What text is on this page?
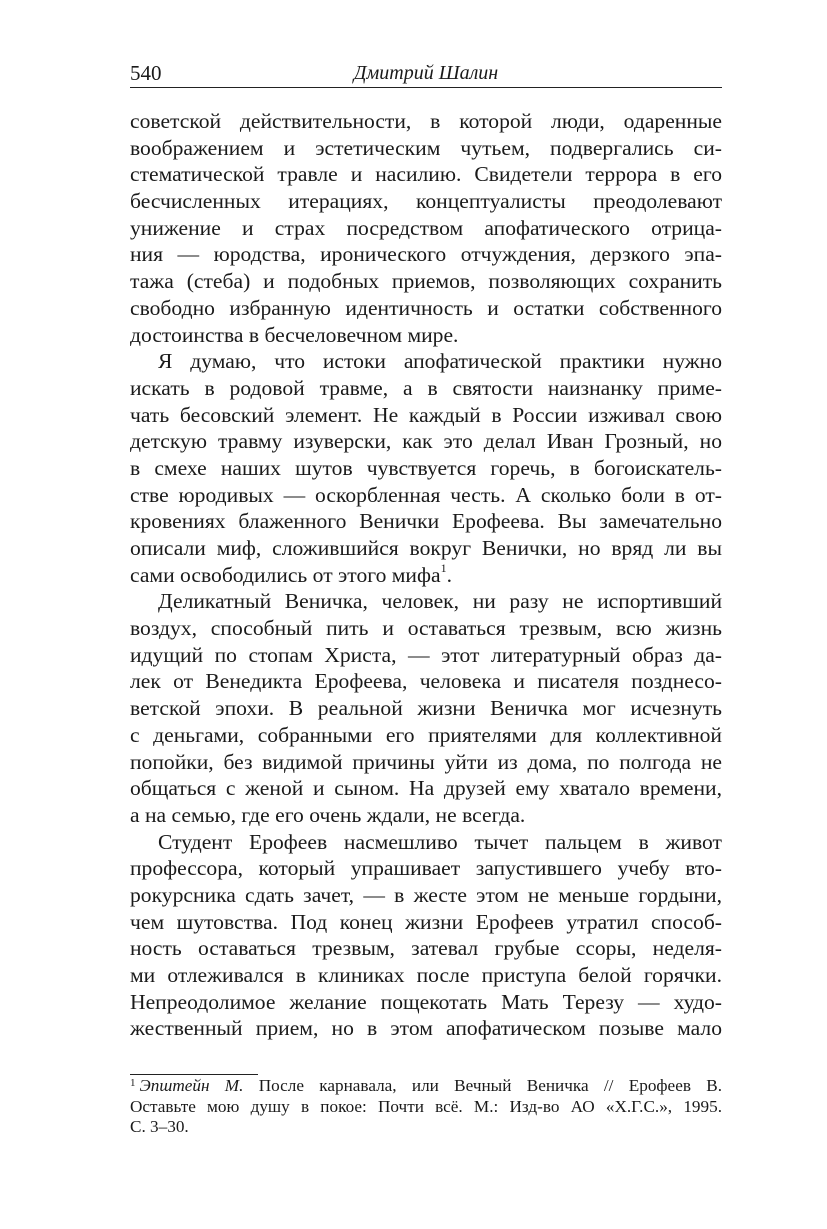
540	Дмитрий Шалин
советской действительности, в которой люди, одаренные
воображением и эстетическим чутьем, подвергались си-
стематической травле и насилию. Свидетели террора в его
бесчисленных итерациях, концептуалисты преодолевают
унижение и страх посредством апофатического отрица-
ния — юродства, иронического отчуждения, дерзкого эпа-
тажа (стеба) и подобных приемов, позволяющих сохранить
свободно избранную идентичность и остатки собственного
достоинства в бесчеловечном мире.
Я думаю, что истоки апофатической практики нужно
искать в родовой травме, а в святости наизнанку приме-
чать бесовский элемент. Не каждый в России изживал свою
детскую травму изуверски, как это делал Иван Грозный, но
в смехе наших шутов чувствуется горечь, в богоискатель-
стве юродивых — оскорбленная честь. А сколько боли в от-
кровениях блаженного Венички Ерофеева. Вы замечательно
описали миф, сложившийся вокруг Венички, но вряд ли вы
сами освободились от этого мифа$^1$.
Деликатный Веничка, человек, ни разу не испортивший
воздух, способный пить и оставаться трезвым, всю жизнь
идущий по стопам Христа, — этот литературный образ да-
лек от Венедикта Ерофеева, человека и писателя позднесо-
ветской эпохи. В реальной жизни Веничка мог исчезнуть
с деньгами, собранными его приятелями для коллективной
попойки, без видимой причины уйти из дома, по полгода не
общаться с женой и сыном. На друзей ему хватало времени,
а на семью, где его очень ждали, не всегда.
Студент Ерофеев насмешливо тычет пальцем в живот
профессора, который упрашивает запустившего учебу вто-
рокурсника сдать зачет, — в жесте этом не меньше гордыни,
чем шутовства. Под конец жизни Ерофеев утратил способ-
ность оставаться трезвым, затевал грубые ссоры, неделя-
ми отлеживался в клиниках после приступа белой горячки.
Непреодолимое желание пощекотать Мать Терезу — худо-
жественный прием, но в этом апофатическом позыве мало
$^1$ Эпштейн М. После карнавала, или Вечный Веничка // Ерофеев В.
Оставьте мою душу в покое: Почти всё. М.: Изд-во АО «Х.Г.С.», 1995.
С. 3–30.
